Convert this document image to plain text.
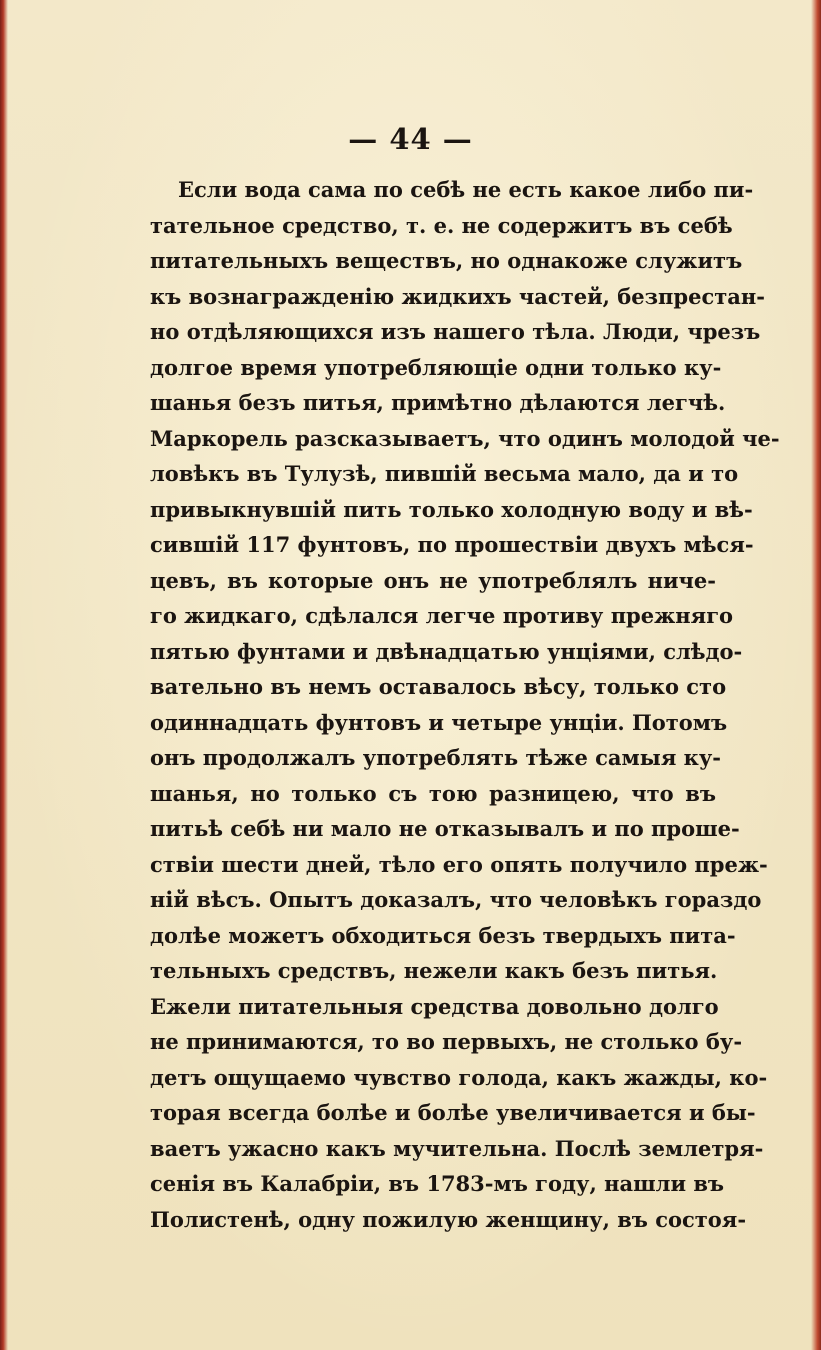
— 44 —
Если вода сама по себѣ не есть какое либо пи-
тательное средство, т. е. не содержитъ въ себѣ
питательныхъ веществъ, но однакоже служитъ
къ вознагражденію жидкихъ частей, безпрестан-
но отдѣляющихся изъ нашего тѣла. Люди, чрезъ
долгое время употребляющіе одни только ку-
шанья безъ питья, примѣтно дѣлаются легчѣ.
Маркорель разсказываетъ, что одинъ молодой че-
ловѣкъ въ Тулузѣ, пившій весьма мало, да и то
привыкнувшій пить только холодную воду и вѣ-
сившій 117 фунтовъ, по прошествіи двухъ мѣся-
цевъ, въ которые онъ не употреблялъ ниче-
го жидкаго, сдѣлался легче противу прежняго
пятью фунтами и двѣнадцатью унціями, слѣдо-
вательно въ немъ оставалось вѣсу, только сто
одиннадцать фунтовъ и четыре унціи. Потомъ
онъ продолжалъ употреблять тѣже самыя ку-
шанья, но только съ тою разницею, что въ
питьѣ себѣ ни мало не отказывалъ и по проше-
ствіи шести дней, тѣло его опять получило преж-
ній вѣсъ. Опытъ доказалъ, что человѣкъ гораздо
долѣе можетъ обходиться безъ твердыхъ пита-
тельныхъ средствъ, нежели какъ безъ питья.
Ежели питательныя средства довольно долго
не принимаются, то во первыхъ, не столько бу-
детъ ощущаемо чувство голода, какъ жажды, ко-
торая всегда болѣе и болѣе увеличивается и бы-
ваетъ ужасно какъ мучительна. Послѣ землетря-
сенія въ Калабріи, въ 1783-мъ году, нашли въ
Полистенѣ, одну пожилую женщину, въ состоя-
